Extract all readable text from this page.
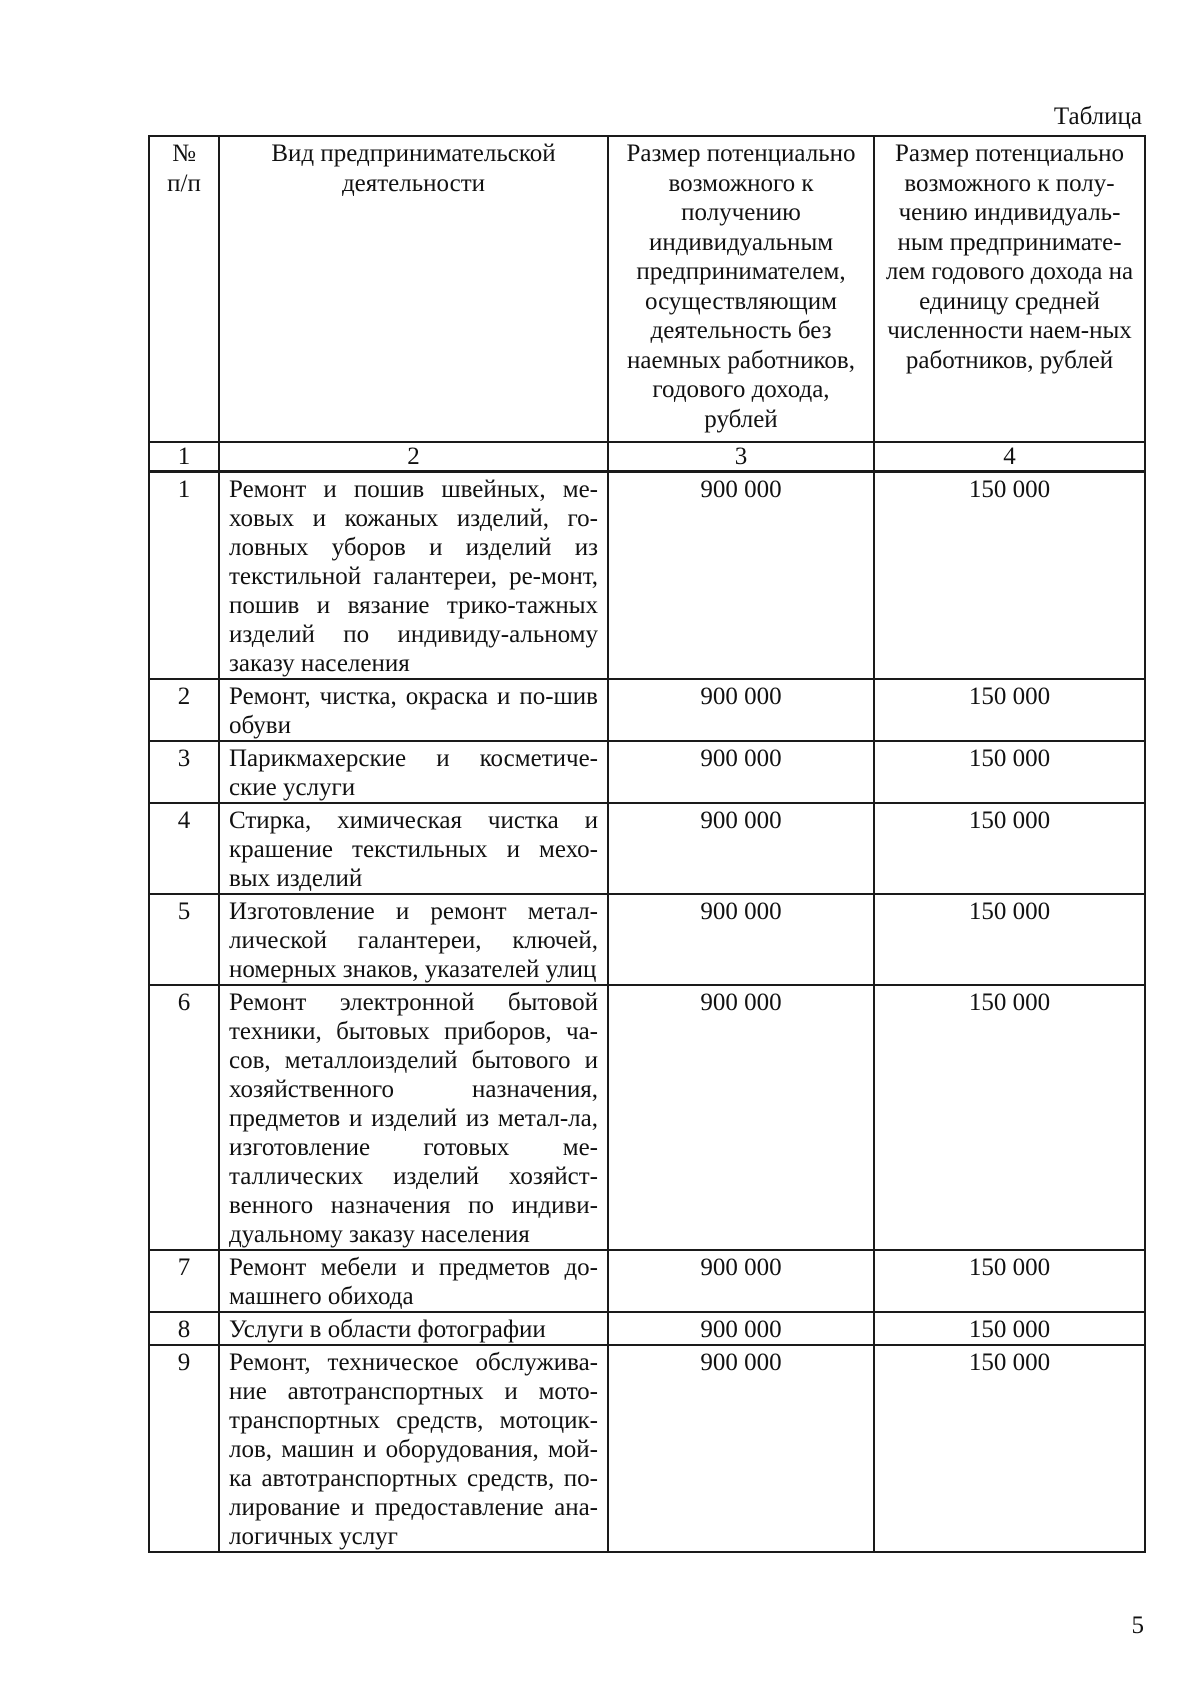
Таблица
№ п/п	Вид предпринимательской деятельности	Размер потенциально возможного к получению индивидуальным предпринимателем, осуществляющим деятельность без наемных работников, годового дохода, рублей	Размер потенциально возможного к полу-чению индивидуаль-ным предпринимате-лем годового дохода на единицу средней численности наем-ных работников, рублей
1	2	3	4
1	Ремонт и пошив швейных, ме-ховых и кожаных изделий, го-ловных уборов и изделий из текстильной галантереи, ре-монт, пошив и вязание трико-тажных изделий по индивиду-альному заказу населения	900 000	150 000
2	Ремонт, чистка, окраска и по-шив обуви	900 000	150 000
3	Парикмахерские и косметиче-ские услуги	900 000	150 000
4	Стирка, химическая чистка и крашение текстильных и мехо-вых изделий	900 000	150 000
5	Изготовление и ремонт метал-лической галантереи, ключей, номерных знаков, указателей улиц	900 000	150 000
6	Ремонт электронной бытовой техники, бытовых приборов, ча-сов, металлоизделий бытового и хозяйственного назначения, предметов и изделий из метал-ла, изготовление готовых ме-таллических изделий хозяйст-венного назначения по индиви-дуальному заказу населения	900 000	150 000
7	Ремонт мебели и предметов до-машнего обихода	900 000	150 000
8	Услуги в области фотографии	900 000	150 000
9	Ремонт, техническое обслужива-ние автотранспортных и мото-транспортных средств, мотоцик-лов, машин и оборудования, мой-ка автотранспортных средств, по-лирование и предоставление ана-логичных услуг	900 000	150 000
5
